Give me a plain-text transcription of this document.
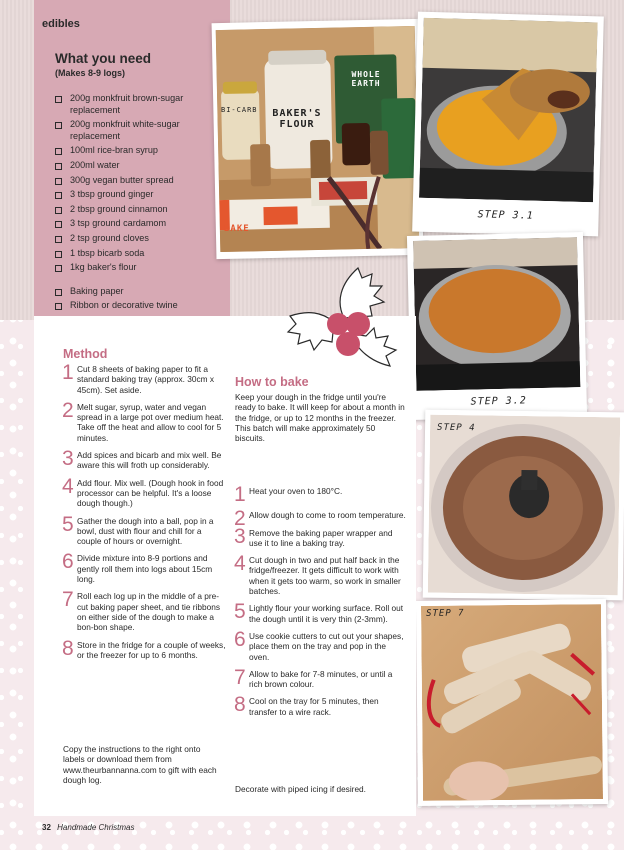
edibles
What you need
(Makes 8-9 logs)
200g monkfruit brown-sugar replacement
200g monkfruit white-sugar replacement
100ml rice-bran syrup
200ml water
300g vegan butter spread
3 tbsp ground ginger
2 tbsp ground cinnamon
3 tsp ground cardamom
2 tsp ground cloves
1 tbsp bicarb soda
1kg baker's flour
Baking paper
Ribbon or decorative twine
BAKER'S FLOUR
BI-CARB
WHOLE EARTH
BAKE
STEP 3.1
STEP 3.2
STEP 4
STEP 7
Method
1 Cut 8 sheets of baking paper to fit a standard baking tray (approx. 30cm x 45cm). Set aside.
2 Melt sugar, syrup, water and vegan spread in a large pot over medium heat. Take off the heat and allow to cool for 5 minutes.
3 Add spices and bicarb and mix well. Be aware this will froth up considerably.
4 Add flour. Mix well. (Dough hook in food processor can be helpful. It's a loose dough though.)
5 Gather the dough into a ball, pop in a bowl, dust with flour and chill for a couple of hours or overnight.
6 Divide mixture into 8-9 portions and gently roll them into logs about 15cm long.
7 Roll each log up in the middle of a pre-cut baking paper sheet, and tie ribbons on either side of the dough to make a bon-bon shape.
8 Store in the fridge for a couple of weeks, or the freezer for up to 6 months.

Copy the instructions to the right onto labels or download them from www.theurbannanna.com to gift with each dough log.

How to bake

Keep your dough in the fridge until you're ready to bake. It will keep for about a month in the fridge, or up to 12 months in the freezer. This batch will make approximately 50 biscuits.

1 Heat your oven to 180°C.
2 Allow dough to come to room temperature.
3 Remove the baking paper wrapper and use it to line a baking tray.
4 Cut dough in two and put half back in the fridge/freezer. It gets difficult to work with when it gets too warm, so work in smaller batches.
5 Lightly flour your working surface. Roll out the dough until it is very thin (2-3mm).
6 Use cookie cutters to cut out your shapes, place them on the tray and pop in the oven.
7 Allow to bake for 7-8 minutes, or until a rich brown colour.
8 Cool on the tray for 5 minutes, then transfer to a wire rack.

Decorate with piped icing if desired.

32 Handmade Christmas
